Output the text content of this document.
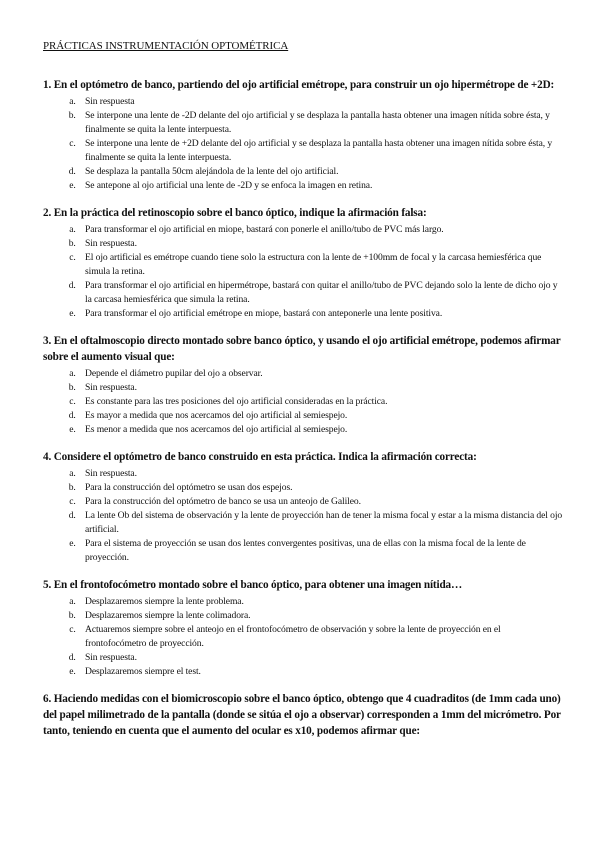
PRÁCTICAS INSTRUMENTACIÓN OPTOMÉTRICA
1. En el optómetro de banco, partiendo del ojo artificial emétrope, para construir un ojo hipermétrope de +2D:
a. Sin respuesta
b. Se interpone una lente de -2D delante del ojo artificial y se desplaza la pantalla hasta obtener una imagen nítida sobre ésta, y finalmente se quita la lente interpuesta.
c. Se interpone una lente de +2D delante del ojo artificial y se desplaza la pantalla hasta obtener una imagen nítida sobre ésta, y finalmente se quita la lente interpuesta.
d. Se desplaza la pantalla 50cm alejándola de la lente del ojo artificial.
e. Se antepone al ojo artificial una lente de -2D y se enfoca la imagen en retina.
2. En la práctica del retinoscopio sobre el banco óptico, indique la afirmación falsa:
a. Para transformar el ojo artificial en miope, bastará con ponerle el anillo/tubo de PVC más largo.
b. Sin respuesta.
c. El ojo artificial es emétrope cuando tiene solo la estructura con la lente de +100mm de focal y la carcasa hemiesférica que simula la retina.
d. Para transformar el ojo artificial en hipermétrope, bastará con quitar el anillo/tubo de PVC dejando solo la lente de dicho ojo y la carcasa hemiesférica que simula la retina.
e. Para transformar el ojo artificial emétrope en miope, bastará con anteponerle una lente positiva.
3. En el oftalmoscopio directo montado sobre banco óptico, y usando el ojo artificial emétrope, podemos afirmar sobre el aumento visual que:
a. Depende el diámetro pupilar del ojo a observar.
b. Sin respuesta.
c. Es constante para las tres posiciones del ojo artificial consideradas en la práctica.
d. Es mayor a medida que nos acercamos del ojo artificial al semiespejo.
e. Es menor a medida que nos acercamos del ojo artificial al semiespejo.
4. Considere el optómetro de banco construido en esta práctica. Indica la afirmación correcta:
a. Sin respuesta.
b. Para la construcción del optómetro se usan dos espejos.
c. Para la construcción del optómetro de banco se usa un anteojo de Galileo.
d. La lente Ob del sistema de observación y la lente de proyección han de tener la misma focal y estar a la misma distancia del ojo artificial.
e. Para el sistema de proyección se usan dos lentes convergentes positivas, una de ellas con la misma focal de la lente de proyección.
5. En el frontofocómetro montado sobre el banco óptico, para obtener una imagen nítida…
a. Desplazaremos siempre la lente problema.
b. Desplazaremos siempre la lente colimadora.
c. Actuaremos siempre sobre el anteojo en el frontofocómetro de observación y sobre la lente de proyección en el frontofocómetro de proyección.
d. Sin respuesta.
e. Desplazaremos siempre el test.
6. Haciendo medidas con el biomicroscopio sobre el banco óptico, obtengo que 4 cuadraditos (de 1mm cada uno) del papel milimetrado de la pantalla (donde se sitúa el ojo a observar) corresponden a 1mm del micrómetro. Por tanto, teniendo en cuenta que el aumento del ocular es x10, podemos afirmar que:
